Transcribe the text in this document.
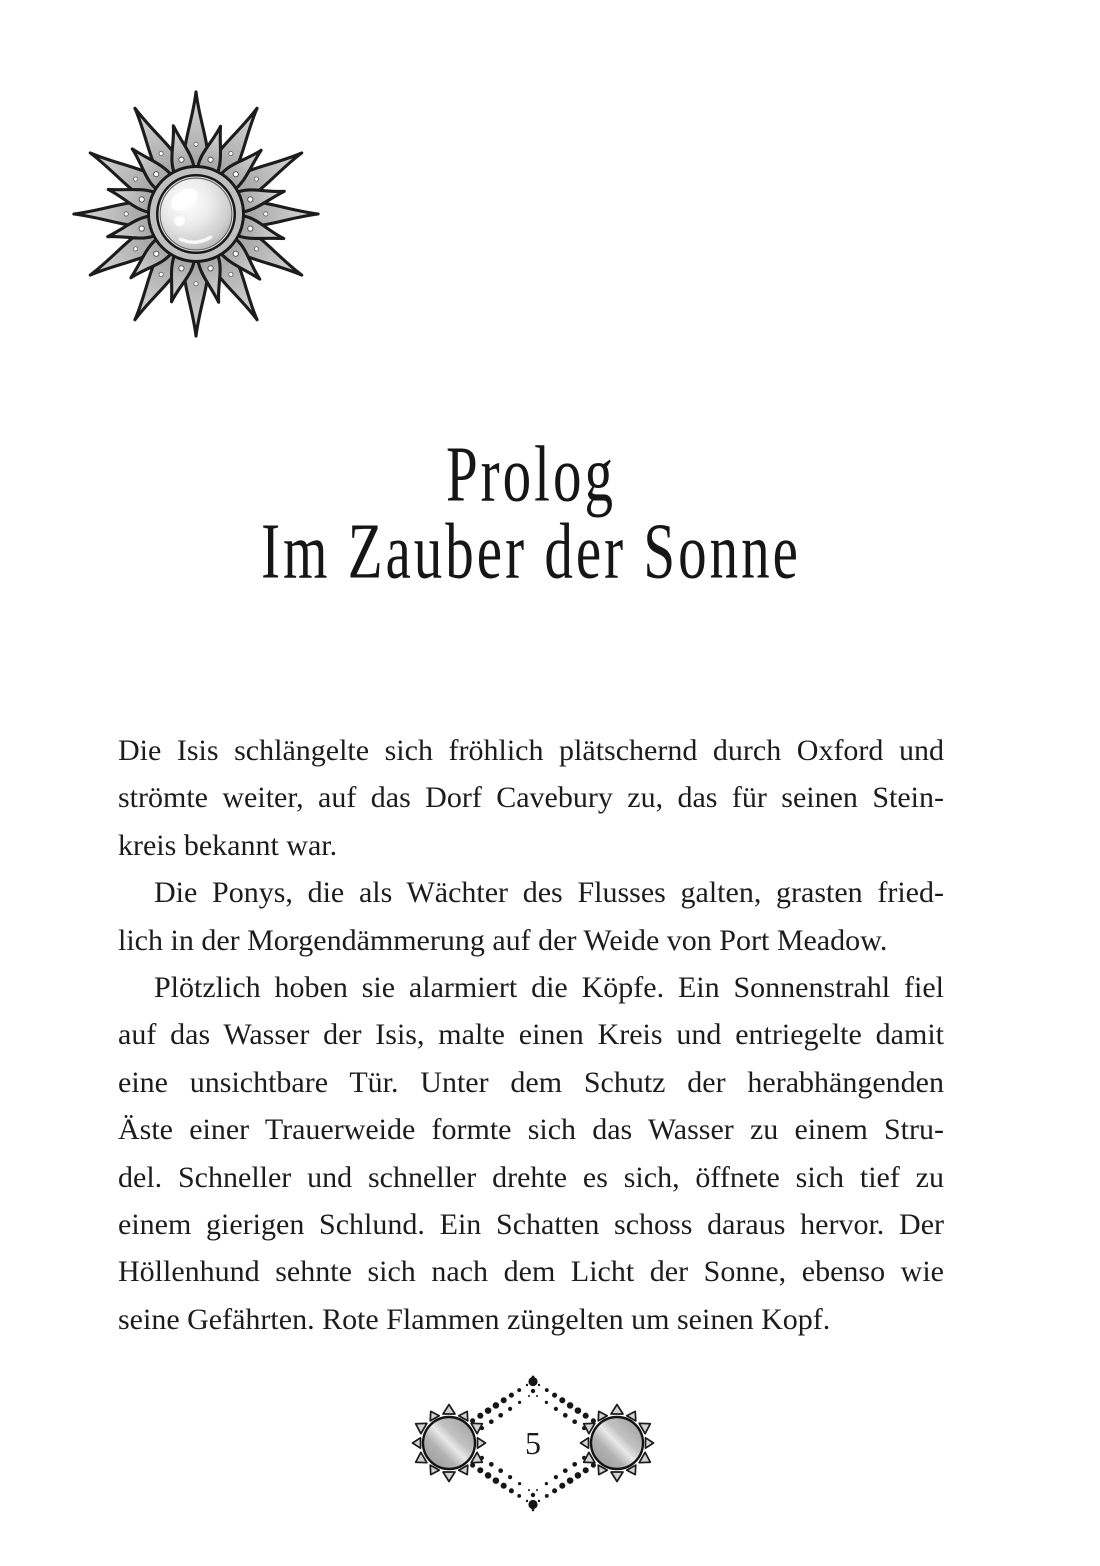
Prolog
Im Zauber der Sonne
Die Isis schlängelte sich fröhlich plätschernd durch Oxford und
strömte weiter, auf das Dorf Cavebury zu, das für seinen Stein-
kreis bekannt war.
Die Ponys, die als Wächter des Flusses galten, grasten fried-
lich in der Morgendämmerung auf der Weide von Port Meadow.
Plötzlich hoben sie alarmiert die Köpfe. Ein Sonnenstrahl fiel
auf das Wasser der Isis, malte einen Kreis und entriegelte damit
eine unsichtbare Tür. Unter dem Schutz der herabhängenden
Äste einer Trauerweide formte sich das Wasser zu einem Stru-
del. Schneller und schneller drehte es sich, öffnete sich tief zu
einem gierigen Schlund. Ein Schatten schoss daraus hervor. Der
Höllenhund sehnte sich nach dem Licht der Sonne, ebenso wie
seine Gefährten. Rote Flammen züngelten um seinen Kopf.
5
